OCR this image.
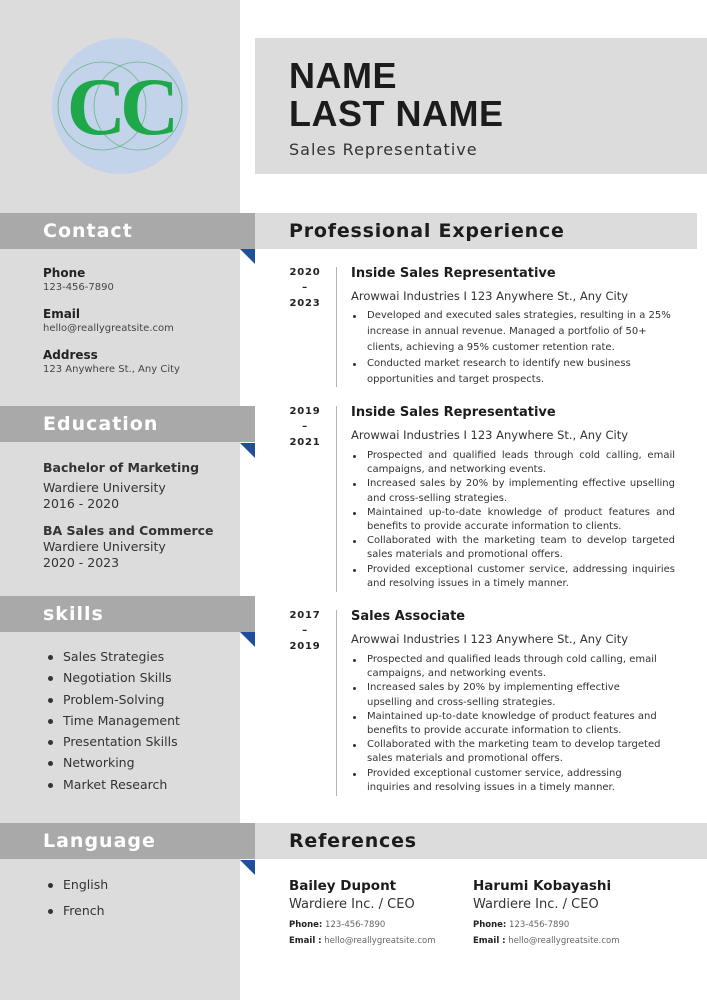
CC	NAME
LAST NAME
Sales Representative
Contact
Phone
123-456-7890
Email
hello@reallygreatsite.com
Address
123 Anywhere St., Any City
Education
Bachelor of Marketing
Wardiere University
2016 - 2020
BA Sales and Commerce
Wardiere University
2020 - 2023
skills
Sales Strategies
Negotiation Skills
Problem-Solving
Time Management
Presentation Skills
Networking
Market Research
Language
English
French
Professional Experience
2020
–
2023
Inside Sales Representative
Arowwai Industries I 123 Anywhere St., Any City
Developed and executed sales strategies, resulting in a 25% increase in annual revenue. Managed a portfolio of 50+ clients, achieving a 95% customer retention rate.
Conducted market research to identify new business opportunities and target prospects.
2019
–
2021
Inside Sales Representative
Arowwai Industries I 123 Anywhere St., Any City
Prospected and qualified leads through cold calling, email campaigns, and networking events.
Increased sales by 20% by implementing effective upselling and cross-selling strategies.
Maintained up-to-date knowledge of product features and benefits to provide accurate information to clients.
Collaborated with the marketing team to develop targeted sales materials and promotional offers.
Provided exceptional customer service, addressing inquiries and resolving issues in a timely manner.
2017
–
2019
Sales Associate
Arowwai Industries I 123 Anywhere St., Any City
Prospected and qualified leads through cold calling, email campaigns, and networking events.
Increased sales by 20% by implementing effective upselling and cross-selling strategies.
Maintained up-to-date knowledge of product features and benefits to provide accurate information to clients.
Collaborated with the marketing team to develop targeted sales materials and promotional offers.
Provided exceptional customer service, addressing inquiries and resolving issues in a timely manner.
References
Bailey Dupont
Wardiere Inc. / CEO
Phone: 123-456-7890
Email : hello@reallygreatsite.com
Harumi Kobayashi
Wardiere Inc. / CEO
Phone: 123-456-7890
Email : hello@reallygreatsite.com
